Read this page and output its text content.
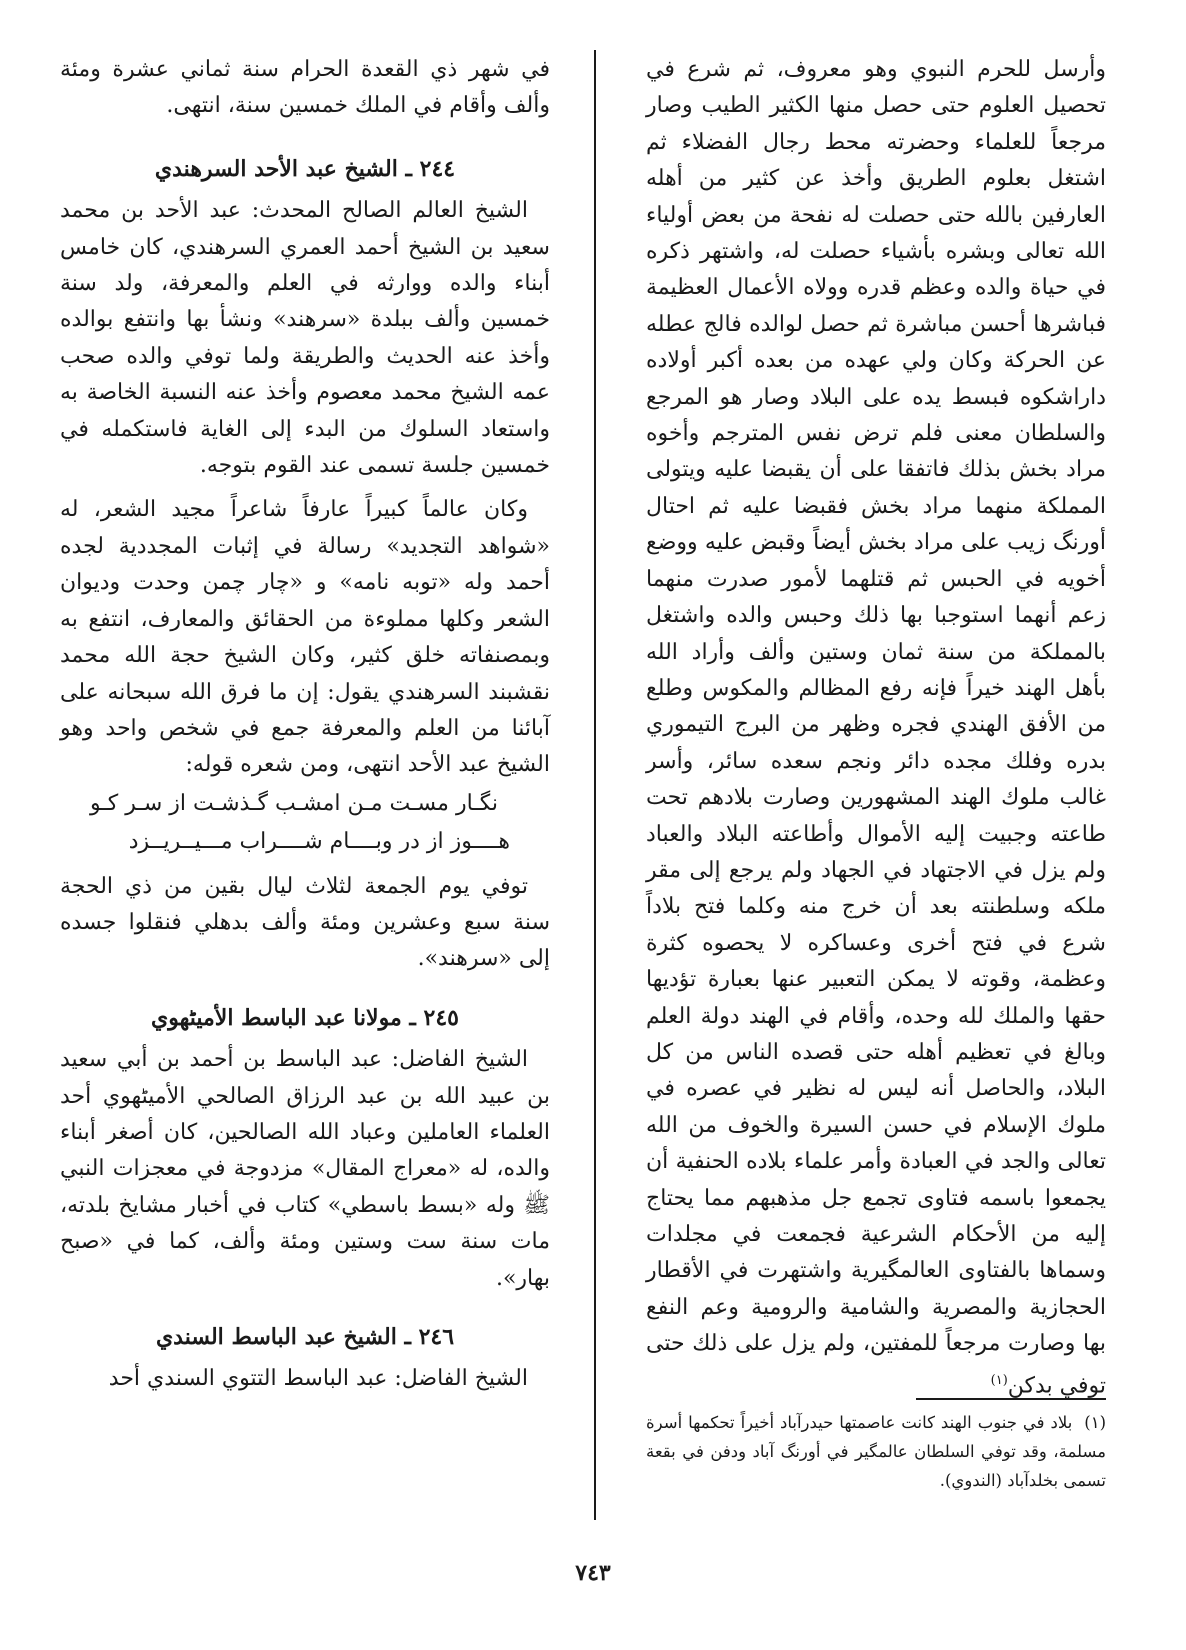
وأرسل للحرم النبوي وهو معروف، ثم شرع في تحصيل العلوم حتى حصل منها الكثير الطيب وصار مرجعاً للعلماء وحضرته محط رجال الفضلاء ثم اشتغل بعلوم الطريق وأخذ عن كثير من أهله العارفين بالله حتى حصلت له نفحة من بعض أولياء الله تعالى وبشره بأشياء حصلت له، واشتهر ذكره في حياة والده وعظم قدره وولاه الأعمال العظيمة فباشرها أحسن مباشرة ثم حصل لوالده فالج عطله عن الحركة وكان ولي عهده من بعده أكبر أولاده داراشكوه فبسط يده على البلاد وصار هو المرجع والسلطان معنى فلم ترض نفس المترجم وأخوه مراد بخش بذلك فاتفقا على أن يقبضا عليه ويتولى المملكة منهما مراد بخش فقبضا عليه ثم احتال أورنگ زيب على مراد بخش أيضاً وقبض عليه ووضع أخويه في الحبس ثم قتلهما لأمور صدرت منهما زعم أنهما استوجبا بها ذلك وحبس والده واشتغل بالمملكة من سنة ثمان وستين وألف وأراد الله بأهل الهند خيراً فإنه رفع المظالم والمكوس وطلع من الأفق الهندي فجره وظهر من البرج التيموري بدره وفلك مجده دائر ونجم سعده سائر، وأسر غالب ملوك الهند المشهورين وصارت بلادهم تحت طاعته وجبيت إليه الأموال وأطاعته البلاد والعباد ولم يزل في الاجتهاد في الجهاد ولم يرجع إلى مقر ملكه وسلطنته بعد أن خرج منه وكلما فتح بلاداً شرع في فتح أخرى وعساكره لا يحصوه كثرة وعظمة، وقوته لا يمكن التعبير عنها بعبارة تؤديها حقها والملك لله وحده، وأقام في الهند دولة العلم وبالغ في تعظيم أهله حتى قصده الناس من كل البلاد، والحاصل أنه ليس له نظير في عصره في ملوك الإسلام في حسن السيرة والخوف من الله تعالى والجد في العبادة وأمر علماء بلاده الحنفية أن يجمعوا باسمه فتاوى تجمع جل مذهبهم مما يحتاج إليه من الأحكام الشرعية فجمعت في مجلدات وسماها بالفتاوى العالمگيرية واشتهرت في الأقطار الحجازية والمصرية والشامية والرومية وعم النفع بها وصارت مرجعاً للمفتين، ولم يزل على ذلك حتى توفي بدكن$^{(١)}$

في شهر ذي القعدة الحرام سنة ثماني عشرة ومئة وألف وأقام في الملك خمسين سنة، انتهى.

٢٤٤ ـ الشيخ عبد الأحد السرهندي

الشيخ العالم الصالح المحدث: عبد الأحد بن محمد سعيد بن الشيخ أحمد العمري السرهندي، كان خامس أبناء والده ووارثه في العلم والمعرفة، ولد سنة خمسين وألف ببلدة «سرهند» ونشأ بها وانتفع بوالده وأخذ عنه الحديث والطريقة ولما توفي والده صحب عمه الشيخ محمد معصوم وأخذ عنه النسبة الخاصة به واستعاد السلوك من البدء إلى الغاية فاستكمله في خمسين جلسة تسمى عند القوم بتوجه.

وكان عالماً كبيراً عارفاً شاعراً مجيد الشعر، له «شواهد التجديد» رسالة في إثبات المجددية لجده أحمد وله «توبه نامه» و «چار چمن وحدت وديوان الشعر وكلها مملوءة من الحقائق والمعارف، انتفع به وبمصنفاته خلق كثير، وكان الشيخ حجة الله محمد نقشبند السرهندي يقول: إن ما فرق الله سبحانه على آبائنا من العلم والمعرفة جمع في شخص واحد وهو الشيخ عبد الأحد انتهى، ومن شعره قوله:

نگـار مسـت مـن امشـب گـذشـت از سـر كـو
هــــوز از در وبــــام شــــراب مـــيــريــزد

توفي يوم الجمعة لثلاث ليال بقين من ذي الحجة سنة سبع وعشرين ومئة وألف بدهلي فنقلوا جسده إلى «سرهند».

٢٤٥ ـ مولانا عبد الباسط الأميٹهوي

الشيخ الفاضل: عبد الباسط بن أحمد بن أبي سعيد بن عبيد الله بن عبد الرزاق الصالحي الأميٹهوي أحد العلماء العاملين وعباد الله الصالحين، كان أصغر أبناء والده، له «معراج المقال» مزدوجة في معجزات النبي ﷺ وله «بسط باسطي» كتاب في أخبار مشايخ بلدته، مات سنة ست وستين ومئة وألف، كما في «صبح بهار».

٢٤٦ ـ الشيخ عبد الباسط السندي

الشيخ الفاضل: عبد الباسط التتوي السندي أحد

(١) بلاد في جنوب الهند كانت عاصمتها حيدرآباد أخيراً تحكمها أسرة مسلمة، وقد توفي السلطان عالمگير في أورنگ آباد ودفن في بقعة تسمى بخلدآباد (الندوي).
٧٤٣
